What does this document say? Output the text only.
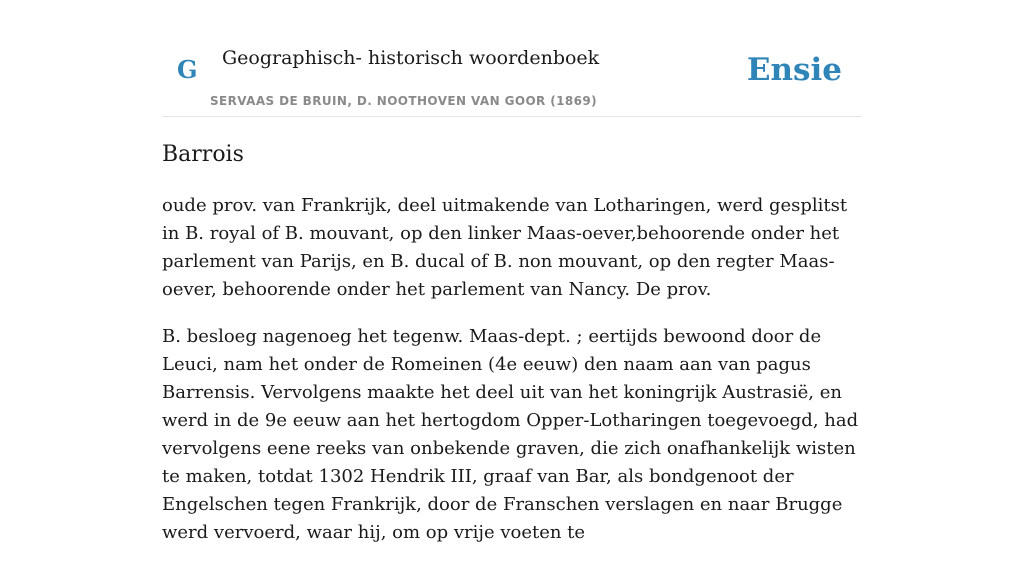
G Geographisch- historisch woordenboek
SERVAAS DE BRUIN, D. NOOTHOVEN VAN GOOR (1869)
Ensie
Barrois

oude prov. van Frankrijk, deel uitmakende van Lotharingen, werd gesplitst in B. royal of B. mouvant, op den linker Maas-oever,behoorende onder het parlement van Parijs, en B. ducal of B. non mouvant, op den regter Maas-oever, behoorende onder het parlement van Nancy. De prov.

B. besloeg nagenoeg het tegenw. Maas-dept. ; eertijds bewoond door de Leuci, nam het onder de Romeinen (4e eeuw) den naam aan van pagus Barrensis. Vervolgens maakte het deel uit van het koningrijk Austrasië, en werd in de 9e eeuw aan het hertogdom Opper-Lotharingen toegevoegd, had vervolgens eene reeks van onbekende graven, die zich onafhankelijk wisten te maken, totdat 1302 Hendrik III, graaf van Bar, als bondgenoot der Engelschen tegen Frankrijk, door de Franschen verslagen en naar Brugge werd vervoerd, waar hij, om op vrije voeten te
